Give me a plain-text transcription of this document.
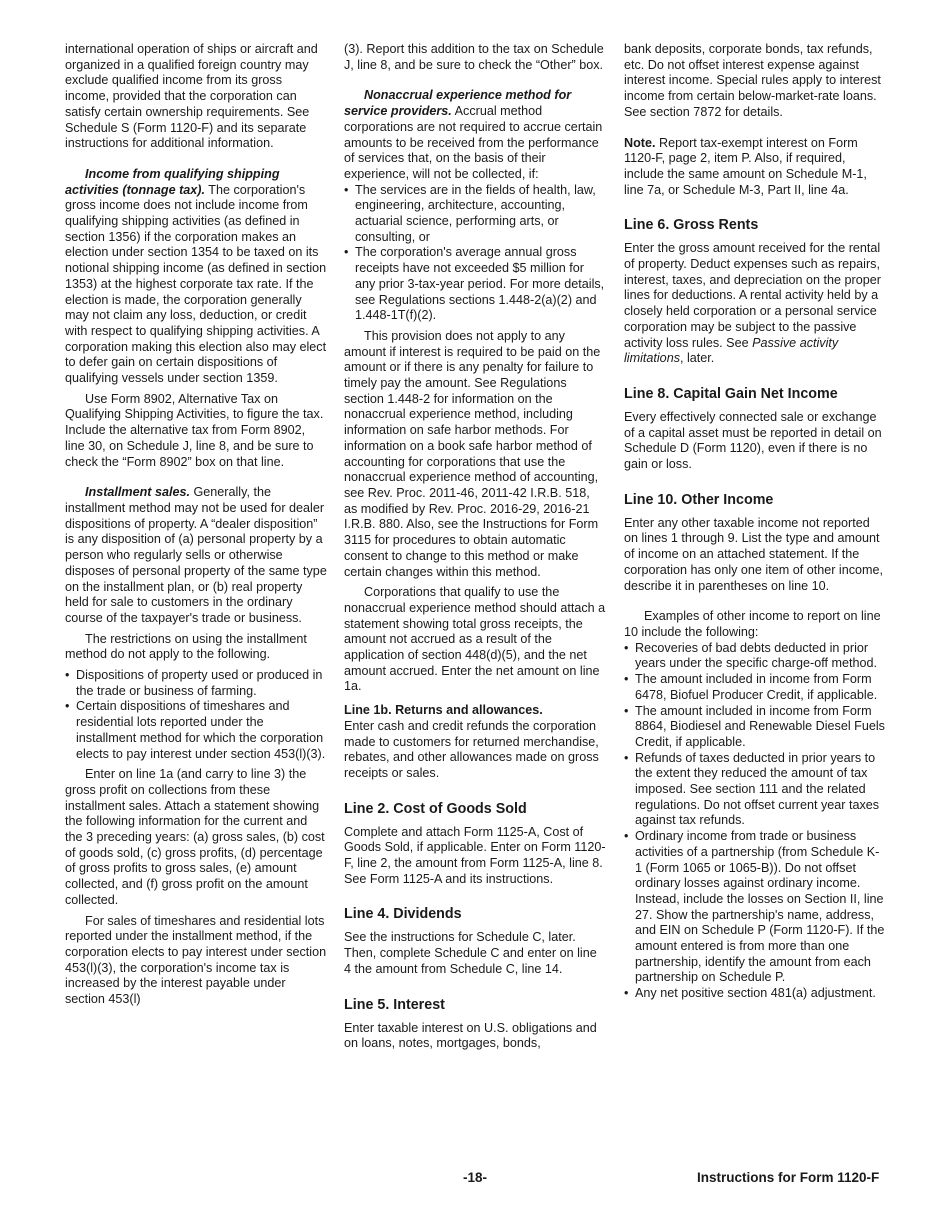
international operation of ships or aircraft and organized in a qualified foreign country may exclude qualified income from its gross income, provided that the corporation can satisfy certain ownership requirements. See Schedule S (Form 1120-F) and its separate instructions for additional information.

Income from qualifying shipping activities (tonnage tax). The corporation's gross income does not include income from qualifying shipping activities (as defined in section 1356) if the corporation makes an election under section 1354 to be taxed on its notional shipping income (as defined in section 1353) at the highest corporate tax rate. If the election is made, the corporation generally may not claim any loss, deduction, or credit with respect to qualifying shipping activities. A corporation making this election also may elect to defer gain on certain dispositions of qualifying vessels under section 1359.

Use Form 8902, Alternative Tax on Qualifying Shipping Activities, to figure the tax. Include the alternative tax from Form 8902, line 30, on Schedule J, line 8, and be sure to check the “Form 8902” box on that line.

Installment sales. Generally, the installment method may not be used for dealer dispositions of property. A “dealer disposition” is any disposition of (a) personal property by a person who regularly sells or otherwise disposes of personal property of the same type on the installment plan, or (b) real property held for sale to customers in the ordinary course of the taxpayer's trade or business.

The restrictions on using the installment method do not apply to the following.

• Dispositions of property used or produced in the trade or business of farming.

• Certain dispositions of timeshares and residential lots reported under the installment method for which the corporation elects to pay interest under section 453(l)(3).

Enter on line 1a (and carry to line 3) the gross profit on collections from these installment sales. Attach a statement showing the following information for the current and the 3 preceding years: (a) gross sales, (b) cost of goods sold, (c) gross profits, (d) percentage of gross profits to gross sales, (e) amount collected, and (f) gross profit on the amount collected.

For sales of timeshares and residential lots reported under the installment method, if the corporation elects to pay interest under section 453(l)(3), the corporation's income tax is increased by the interest payable under section 453(l)

(3). Report this addition to the tax on Schedule J, line 8, and be sure to check the “Other” box.

Nonaccrual experience method for service providers. Accrual method corporations are not required to accrue certain amounts to be received from the performance of services that, on the basis of their experience, will not be collected, if:

• The services are in the fields of health, law, engineering, architecture, accounting, actuarial science, performing arts, or consulting, or

• The corporation's average annual gross receipts have not exceeded $5 million for any prior 3-tax-year period. For more details, see Regulations sections 1.448-2(a)(2) and 1.448-1T(f)(2).

This provision does not apply to any amount if interest is required to be paid on the amount or if there is any penalty for failure to timely pay the amount. See Regulations section 1.448-2 for information on the nonaccrual experience method, including information on safe harbor methods. For information on a book safe harbor method of accounting for corporations that use the nonaccrual experience method of accounting, see Rev. Proc. 2011-46, 2011-42 I.R.B. 518, as modified by Rev. Proc. 2016-29, 2016-21 I.R.B. 880. Also, see the Instructions for Form 3115 for procedures to obtain automatic consent to change to this method or make certain changes within this method.

Corporations that qualify to use the nonaccrual experience method should attach a statement showing total gross receipts, the amount not accrued as a result of the application of section 448(d)(5), and the net amount accrued. Enter the net amount on line 1a.

Line 1b. Returns and allowances.
Enter cash and credit refunds the corporation made to customers for returned merchandise, rebates, and other allowances made on gross receipts or sales.

Line 2. Cost of Goods Sold

Complete and attach Form 1125-A, Cost of Goods Sold, if applicable. Enter on Form 1120-F, line 2, the amount from Form 1125-A, line 8. See Form 1125-A and its instructions.

Line 4. Dividends

See the instructions for Schedule C, later. Then, complete Schedule C and enter on line 4 the amount from Schedule C, line 14.

Line 5. Interest

Enter taxable interest on U.S. obligations and on loans, notes, mortgages, bonds,

bank deposits, corporate bonds, tax refunds, etc. Do not offset interest expense against interest income. Special rules apply to interest income from certain below-market-rate loans. See section 7872 for details.

Note. Report tax-exempt interest on Form 1120-F, page 2, item P. Also, if required, include the same amount on Schedule M-1, line 7a, or Schedule M-3, Part II, line 4a.

Line 6. Gross Rents

Enter the gross amount received for the rental of property. Deduct expenses such as repairs, interest, taxes, and depreciation on the proper lines for deductions. A rental activity held by a closely held corporation or a personal service corporation may be subject to the passive activity loss rules. See Passive activity limitations, later.

Line 8. Capital Gain Net Income

Every effectively connected sale or exchange of a capital asset must be reported in detail on Schedule D (Form 1120), even if there is no gain or loss.

Line 10. Other Income

Enter any other taxable income not reported on lines 1 through 9. List the type and amount of income on an attached statement. If the corporation has only one item of other income, describe it in parentheses on line 10.

Examples of other income to report on line 10 include the following:

• Recoveries of bad debts deducted in prior years under the specific charge-off method.

• The amount included in income from Form 6478, Biofuel Producer Credit, if applicable.

• The amount included in income from Form 8864, Biodiesel and Renewable Diesel Fuels Credit, if applicable.

• Refunds of taxes deducted in prior years to the extent they reduced the amount of tax imposed. See section 111 and the related regulations. Do not offset current year taxes against tax refunds.

• Ordinary income from trade or business activities of a partnership (from Schedule K-1 (Form 1065 or 1065-B)). Do not offset ordinary losses against ordinary income. Instead, include the losses on Section II, line 27. Show the partnership's name, address, and EIN on Schedule P (Form 1120-F). If the amount entered is from more than one partnership, identify the amount from each partnership on Schedule P.

• Any net positive section 481(a) adjustment.

-18-	Instructions for Form 1120-F
